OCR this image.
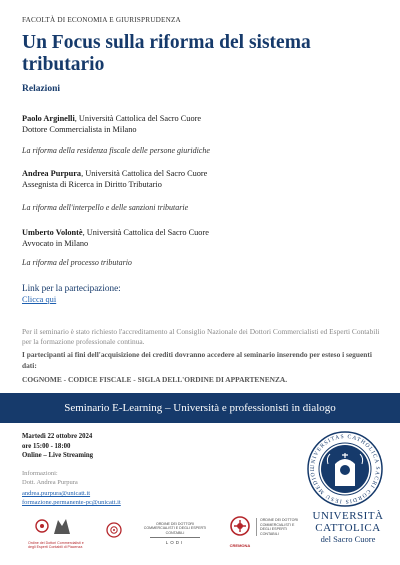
FACOLTÀ DI ECONOMIA E GIURISPRUDENZA
Un Focus sulla riforma del sistema tributario
Relazioni
Paolo Arginelli, Università Cattolica del Sacro Cuore
Dottore Commercialista in Milano
La riforma della residenza fiscale delle persone giuridiche
Andrea Purpura, Università Cattolica del Sacro Cuore
Assegnista di Ricerca in Diritto Tributario
La riforma dell'interpello e delle sanzioni tributarie
Umberto Volontè, Università Cattolica del Sacro Cuore
Avvocato in Milano
La riforma del processo tributario
Link per la partecipazione:
Clicca qui
Per il seminario è stato richiesto l'accreditamento al Consiglio Nazionale dei Dottori Commercialisti ed Esperti Contabili per la formazione professionale continua.
I partecipanti ai fini dell'acquisizione dei crediti dovranno accedere al seminario inserendo per esteso i seguenti dati:
COGNOME - CODICE FISCALE - SIGLA DELL'ORDINE DI APPARTENENZA.
Seminario E-Learning – Università e professionisti in dialogo
Martedì 22 ottobre 2024
ore 15:00 - 18:00
Online – Live Streaming
Informazioni:
Dott. Andrea Purpura
andrea.purpura@unicatt.it
formazione.permanente-pc@unicatt.it
Ordine dei Dottori Commercialisti e degli Esperti Contabili di Piacenza
ORDINE DEI DOTTORI COMMERCIALISTI E DEGLI ESPERTI CONTABILI
LODI
CREMONA
ORDINE DEI DOTTORI COMMERCIALISTI E DEGLI ESPERTI CONTABILI
UNIVERSITAS CATHOLICA SACRI CORDIS IESU MEDIOL
UNIVERSITÀ
CATTOLICA
del Sacro Cuore
